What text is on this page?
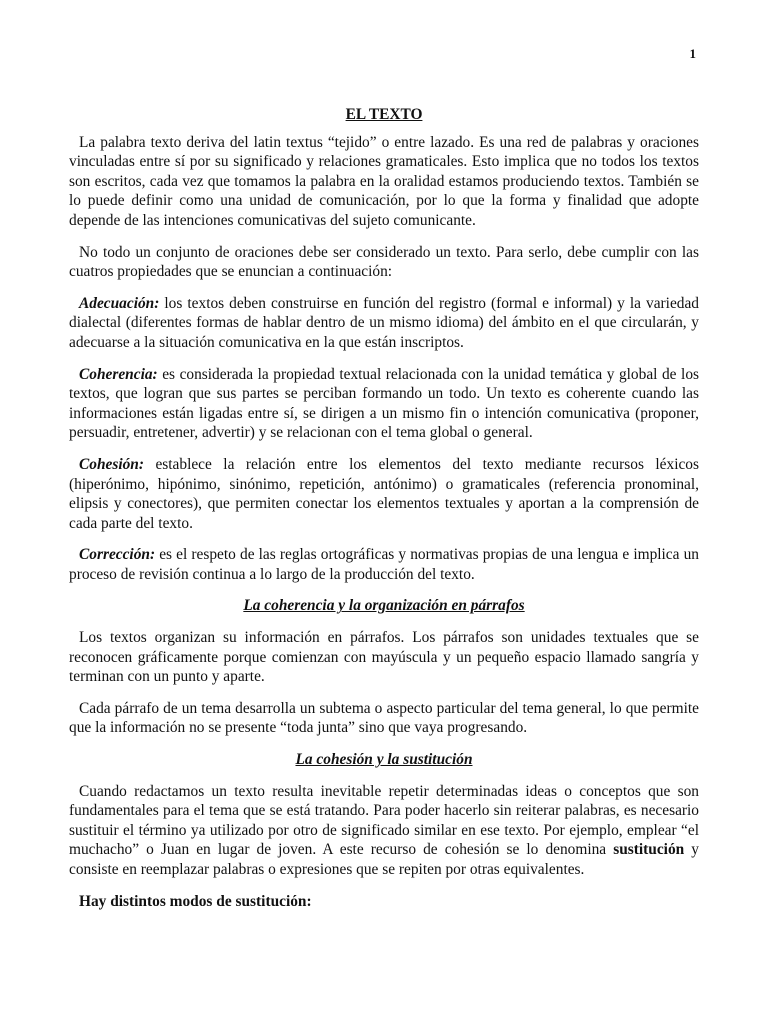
1
EL TEXTO

La palabra texto deriva del latin textus “tejido” o entre lazado. Es una red de palabras y oraciones vinculadas entre sí por su significado y relaciones gramaticales. Esto implica que no todos los textos son escritos, cada vez que tomamos la palabra en la oralidad estamos produciendo textos. También se lo puede definir como una unidad de comunicación, por lo que la forma y finalidad que adopte depende de las intenciones comunicativas del sujeto comunicante.

No todo un conjunto de oraciones debe ser considerado un texto. Para serlo, debe cumplir con las cuatros propiedades que se enuncian a continuación:

Adecuación: los textos deben construirse en función del registro (formal e informal) y la variedad dialectal (diferentes formas de hablar dentro de un mismo idioma) del ámbito en el que circularán, y adecuarse a la situación comunicativa en la que están inscriptos.

Coherencia: es considerada la propiedad textual relacionada con la unidad temática y global de los textos, que logran que sus partes se perciban formando un todo. Un texto es coherente cuando las informaciones están ligadas entre sí, se dirigen a un mismo fin o intención comunicativa (proponer, persuadir, entretener, advertir) y se relacionan con el tema global o general.

Cohesión: establece la relación entre los elementos del texto mediante recursos léxicos (hiperónimo, hipónimo, sinónimo, repetición, antónimo) o gramaticales (referencia pronominal, elipsis y conectores), que permiten conectar los elementos textuales y aportan a la comprensión de cada parte del texto.

Corrección: es el respeto de las reglas ortográficas y normativas propias de una lengua e implica un proceso de revisión continua a lo largo de la producción del texto.

La coherencia y la organización en párrafos

Los textos organizan su información en párrafos. Los párrafos son unidades textuales que se reconocen gráficamente porque comienzan con mayúscula y un pequeño espacio llamado sangría y terminan con un punto y aparte.

Cada párrafo de un tema desarrolla un subtema o aspecto particular del tema general, lo que permite que la información no se presente “toda junta” sino que vaya progresando.

La cohesión y la sustitución

Cuando redactamos un texto resulta inevitable repetir determinadas ideas o conceptos que son fundamentales para el tema que se está tratando. Para poder hacerlo sin reiterar palabras, es necesario sustituir el término ya utilizado por otro de significado similar en ese texto. Por ejemplo, emplear “el muchacho” o Juan en lugar de joven. A este recurso de cohesión se lo denomina sustitución y consiste en reemplazar palabras o expresiones que se repiten por otras equivalentes.

Hay distintos modos de sustitución:
